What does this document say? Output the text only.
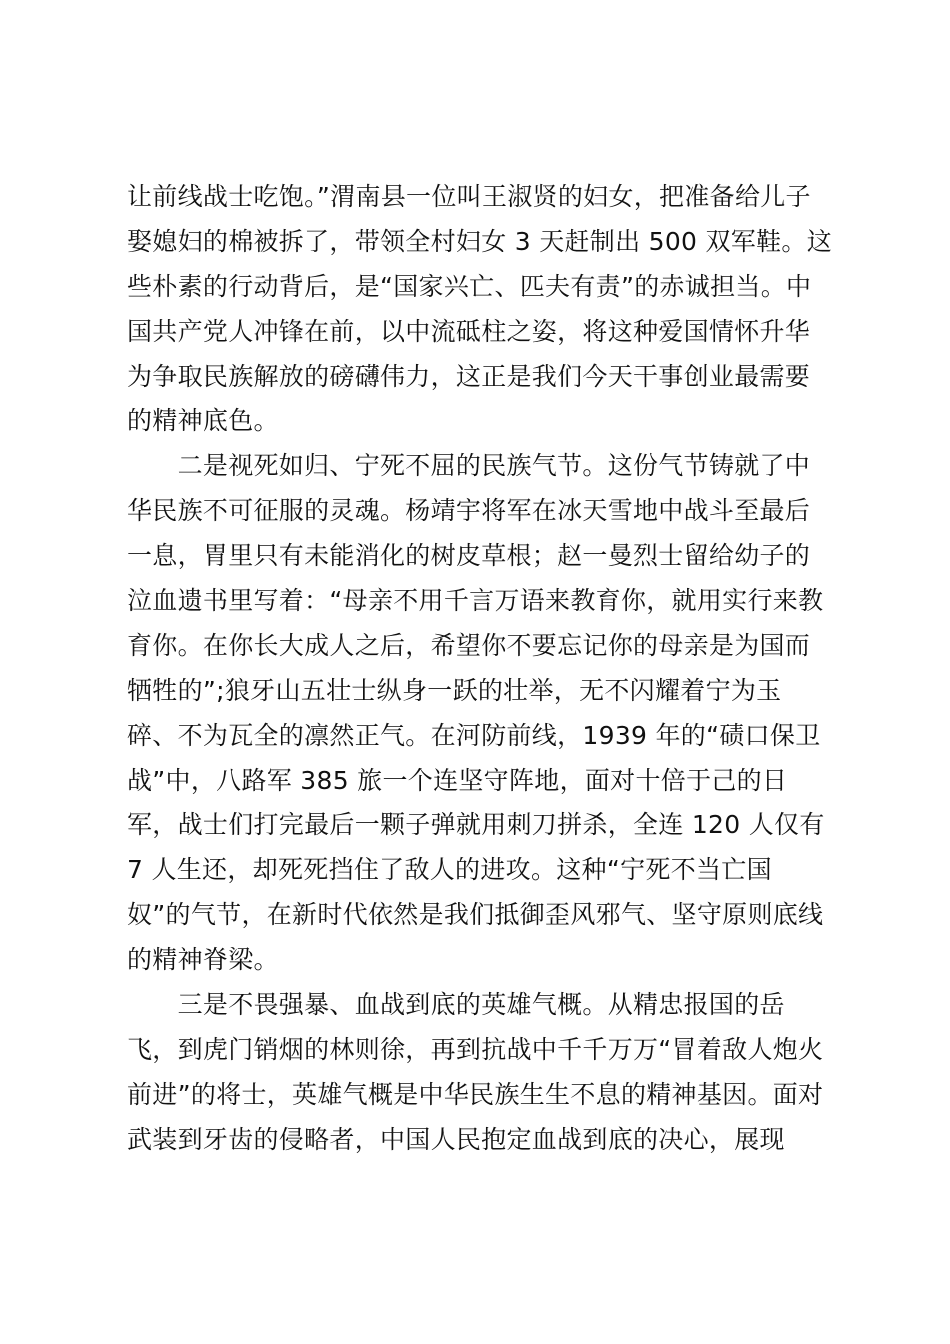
让前线战士吃饱。”渭南县一位叫王淑贤的妇女，把准备给儿子
娶媳妇的棉被拆了，带领全村妇女 3 天赶制出 500 双军鞋。这
些朴素的行动背后，是“国家兴亡、匹夫有责”的赤诚担当。中
国共产党人冲锋在前，以中流砥柱之姿，将这种爱国情怀升华
为争取民族解放的磅礴伟力，这正是我们今天干事创业最需要
的精神底色。
　　二是视死如归、宁死不屈的民族气节。这份气节铸就了中
华民族不可征服的灵魂。杨靖宇将军在冰天雪地中战斗至最后
一息，胃里只有未能消化的树皮草根；赵一曼烈士留给幼子的
泣血遗书里写着：“母亲不用千言万语来教育你，就用实行来教
育你。在你长大成人之后，希望你不要忘记你的母亲是为国而
牺牲的”;狼牙山五壮士纵身一跃的壮举，无不闪耀着宁为玉
碎、不为瓦全的凛然正气。在河防前线，1939 年的“碛口保卫
战”中，八路军 385 旅一个连坚守阵地，面对十倍于己的日
军，战士们打完最后一颗子弹就用刺刀拼杀，全连 120 人仅有
7 人生还，却死死挡住了敌人的进攻。这种“宁死不当亡国
奴”的气节，在新时代依然是我们抵御歪风邪气、坚守原则底线
的精神脊梁。
　　三是不畏强暴、血战到底的英雄气概。从精忠报国的岳
飞，到虎门销烟的林则徐，再到抗战中千千万万“冒着敌人炮火
前进”的将士，英雄气概是中华民族生生不息的精神基因。面对
武装到牙齿的侵略者，中国人民抱定血战到底的决心，展现
